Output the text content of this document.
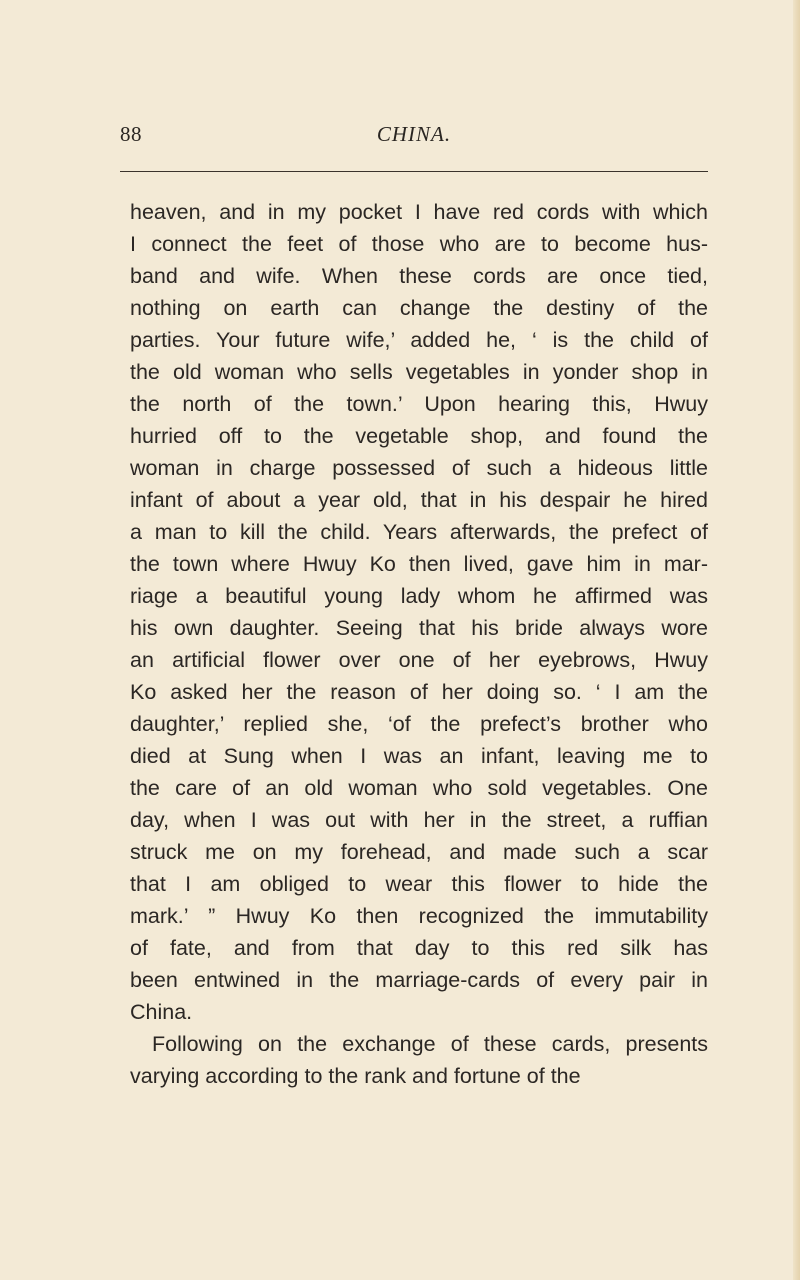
88	CHINA.
heaven, and in my pocket I have red cords with which
I connect the feet of those who are to become hus-
band and wife. When these cords are once tied,
nothing on earth can change the destiny of the
parties. Your future wife,’ added he, ‘ is the child of
the old woman who sells vegetables in yonder shop in
the north of the town.’ Upon hearing this, Hwuy
hurried off to the vegetable shop, and found the
woman in charge possessed of such a hideous little
infant of about a year old, that in his despair he hired
a man to kill the child. Years afterwards, the prefect of
the town where Hwuy Ko then lived, gave him in mar-
riage a beautiful young lady whom he affirmed was
his own daughter. Seeing that his bride always wore
an artificial flower over one of her eyebrows, Hwuy
Ko asked her the reason of her doing so. ‘ I am the
daughter,’ replied she, ‘of the prefect’s brother who
died at Sung when I was an infant, leaving me to
the care of an old woman who sold vegetables. One
day, when I was out with her in the street, a ruffian
struck me on my forehead, and made such a scar
that I am obliged to wear this flower to hide the
mark.’ ” Hwuy Ko then recognized the immutability
of fate, and from that day to this red silk has
been entwined in the marriage-cards of every pair in
China.
Following on the exchange of these cards, presents
varying according to the rank and fortune of the
